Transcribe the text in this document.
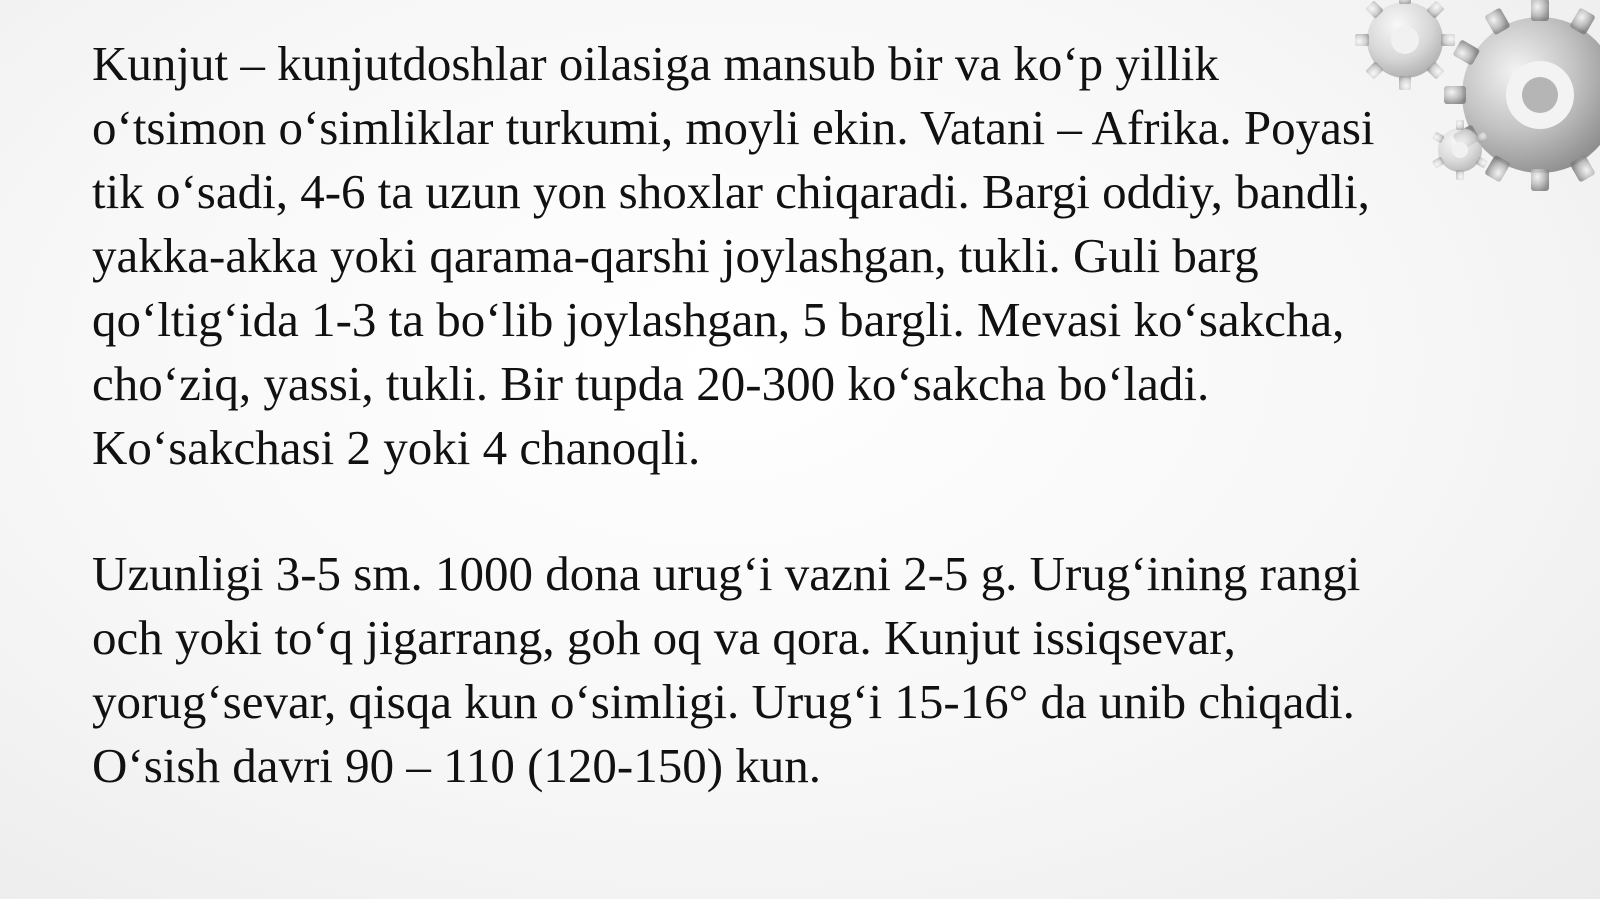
Kunjut – kunjutdoshlar oilasiga mansub bir va koʻp yillik
oʻtsimon oʻsimliklar turkumi, moyli ekin. Vatani – Afrika. Poyasi
tik oʻsadi, 4-6 ta uzun yon shoxlar chiqaradi. Bargi oddiy, bandli,
yakka-akka yoki qarama-qarshi joylashgan, tukli. Guli barg
qoʻltigʻida 1-3 ta boʻlib joylashgan, 5 bargli. Mevasi koʻsakcha,
choʻziq, yassi, tukli. Bir tupda 20-300 koʻsakcha boʻladi.
Koʻsakchasi 2 yoki 4 chanoqli.

Uzunligi 3-5 sm. 1000 dona urugʻi vazni 2-5 g. Urugʻining rangi
och yoki toʻq jigarrang, goh oq va qora. Kunjut issiqsevar,
yorugʻsevar, qisqa kun oʻsimligi. Urugʻi 15-16° da unib chiqadi.
Oʻsish davri 90 – 110 (120-150) kun.
